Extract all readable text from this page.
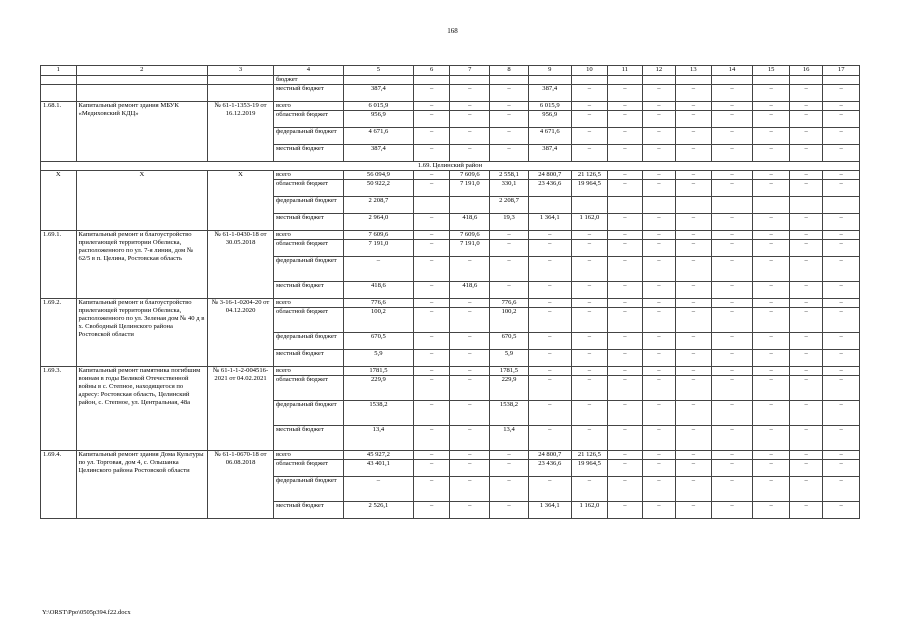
168
1	2	3	4	5	6	7	8	9	10	11	12	13	14	15	16	17
			бюджет													
			местный бюджет	387,4	–	–	–	387,4	–	–	–	–	–	–	–	–
1.68.1.	Капитальный ремонт здания МБУК «Медиховский КДЦ»	№ 61-1-1353-19 от 16.12.2019	всего	6 015,9	–	–	–	6 015,9	–	–	–	–	–	–	–	–
			областной бюджет	956,9	–	–	–	956,9	–	–	–	–	–	–	–	–
			федеральный бюджет	4 671,6	–	–	–	4 671,6	–	–	–	–	–	–	–	–
			местный бюджет	387,4	–	–	–	387,4	–	–	–	–	–	–	–	–
1.69. Целинский район																
Х	Х	Х	всего	56 094,9	–	7 609,6	2 558,1	24 800,7	21 126,5	–	–	–	–	–	–	–
			областной бюджет	50 922,2	–	7 191,0	330,1	23 436,6	19 964,5	–	–	–	–	–	–	–
			федеральный бюджет	2 208,7			2 208,7									
			местный бюджет	2 964,0	–	418,6	19,3	1 364,1	1 162,0	–	–	–	–	–	–	–
1.69.1.	Капитальный ремонт и благоустройство прилегающей территории Обелиска, расположенного по ул. 7-я линия, дом № 62/5 в п. Целина, Ростовская область	№ 61-1-0430-18 от 30.05.2018	всего	7 609,6	–	7 609,6	–	–	–	–	–	–	–	–	–	–
			областной бюджет	7 191,0	–	7 191,0	–	–	–	–	–	–	–	–	–	–
			федеральный бюджет	–	–	–	–	–	–	–	–	–	–	–	–	–
			местный бюджет	418,6	–	418,6	–	–	–	–	–	–	–	–	–	–
1.69.2.	Капитальный ремонт и благоустройство прилегающей территории Обелиска, расположенного по ул. Зеленая дом № 40 д в х. Свободный Целинского района Ростовской области	№ 3-16-1-0204-20 от 04.12.2020	всего	776,6	–	–	776,6	–	–	–	–	–	–	–	–	–
			областной бюджет	100,2	–	–	100,2	–	–	–	–	–	–	–	–	–
			федеральный бюджет	670,5	–	–	670,5	–	–	–	–	–	–	–	–	–
			местный бюджет	5,9	–	–	5,9	–	–	–	–	–	–	–	–	–
1.69.3.	Капитальный ремонт памятника погибшим воинам в годы Великой Отечественной войны в с. Степное, находящегося по адресу: Ростовская область, Целинский район, с. Степное, ул. Центральная, 48а	№ 61-1-1-2-004516-2021 от 04.02.2021	всего	1781,5	–	–	1781,5	–	–	–	–	–	–	–	–	–
			областной бюджет	229,9	–	–	229,9	–	–	–	–	–	–	–	–	–
			федеральный бюджет	1538,2	–	–	1538,2	–	–	–	–	–	–	–	–	–
			местный бюджет	13,4	–	–	13,4	–	–	–	–	–	–	–	–	–
1.69.4.	Капитальный ремонт здания Дома Культуры по ул. Торговая, дом 4, с. Ольшанка Целинского района Ростовской области	№ 61-1-0670-18 от 06.08.2018	всего	45 927,2	–	–	–	24 800,7	21 126,5	–	–	–	–	–	–	–
			областной бюджет	43 401,1	–	–	–	23 436,6	19 964,5	–	–	–	–	–	–	–
			федеральный бюджет	–	–	–	–	–	–	–	–	–	–	–	–	–
			местный бюджет	2 526,1	–	–	–	1 364,1	1 162,0	–	–	–	–	–	–	–
Y:\ORST\Ppo\0505p394.f22.docx
